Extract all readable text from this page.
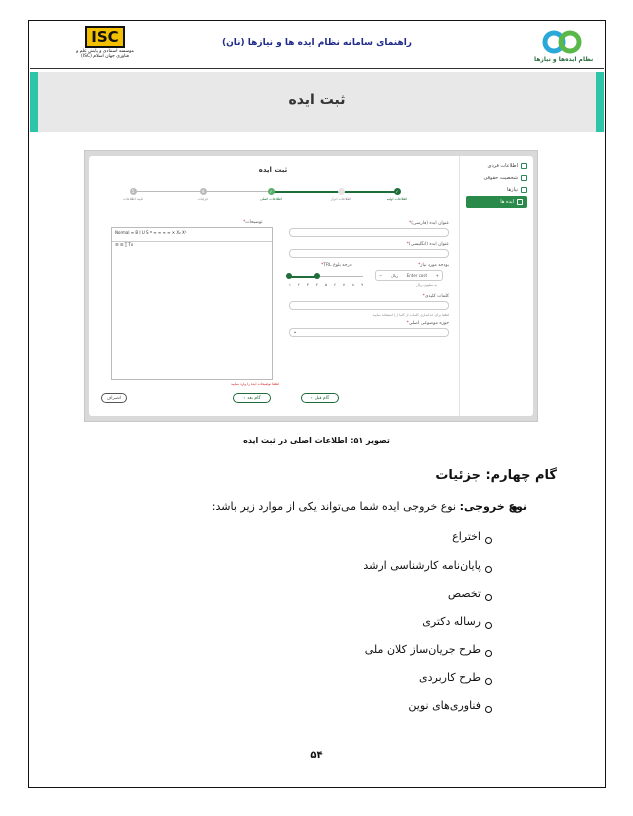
نظام ایده‌ها و نیازها
راهنمای سامانه نظام ایده ها و نیازها (نان)
ISC
موسسه استنادی و پایش علم و فناوری جهان اسلام (ISC)
ثبت ایده
اطلاعات فردی
شخصیت حقوقی
نیازها
ایده ها
ثبت ایده
5
تایید اطلاعات
4
جزئیات
✓
اطلاعات اصلی	اطلاعات ابزار
✓
اطلاعات اولیه
عنوان ایده (فارسی)*
عنوان ایده (انگلیسی)*
بودجه مورد نیاز*
− ریال Enter cost +
به میلیون ریال
درجه بلوغ TRL*
۱ ۲ ۳ ۴ ۵ ۶ ۷ ۸ ۹
کلمات کلیدی*
لطفا برای جداسازی کلمات از کاما (,) استفاده نمایید
حوزه موضوعی اصلی*
⌄
توضیحات*
Normal ≡ B I U S ❝ ≡ ≡ ≡ ≡ ✕ X₂ X²
☰ ☰ T̲ Tx
لطفا توضیحات ایده را وارد نمایید
‹ گام قبل
‹ گام بعد
انصراف
تصویر ۵۱: اطلاعات اصلی در ثبت ایده
گام چهارم: جزئیات
نوع خروجی: نوع خروجی ایده شما می‌تواند یکی از موارد زیر باشد:
اختراع
پایان‌نامه کارشناسی ارشد
تخصص
رساله دکتری
طرح جریان‌ساز کلان ملی
طرح کاربردی
فناوری‌های نوین
۵۴
